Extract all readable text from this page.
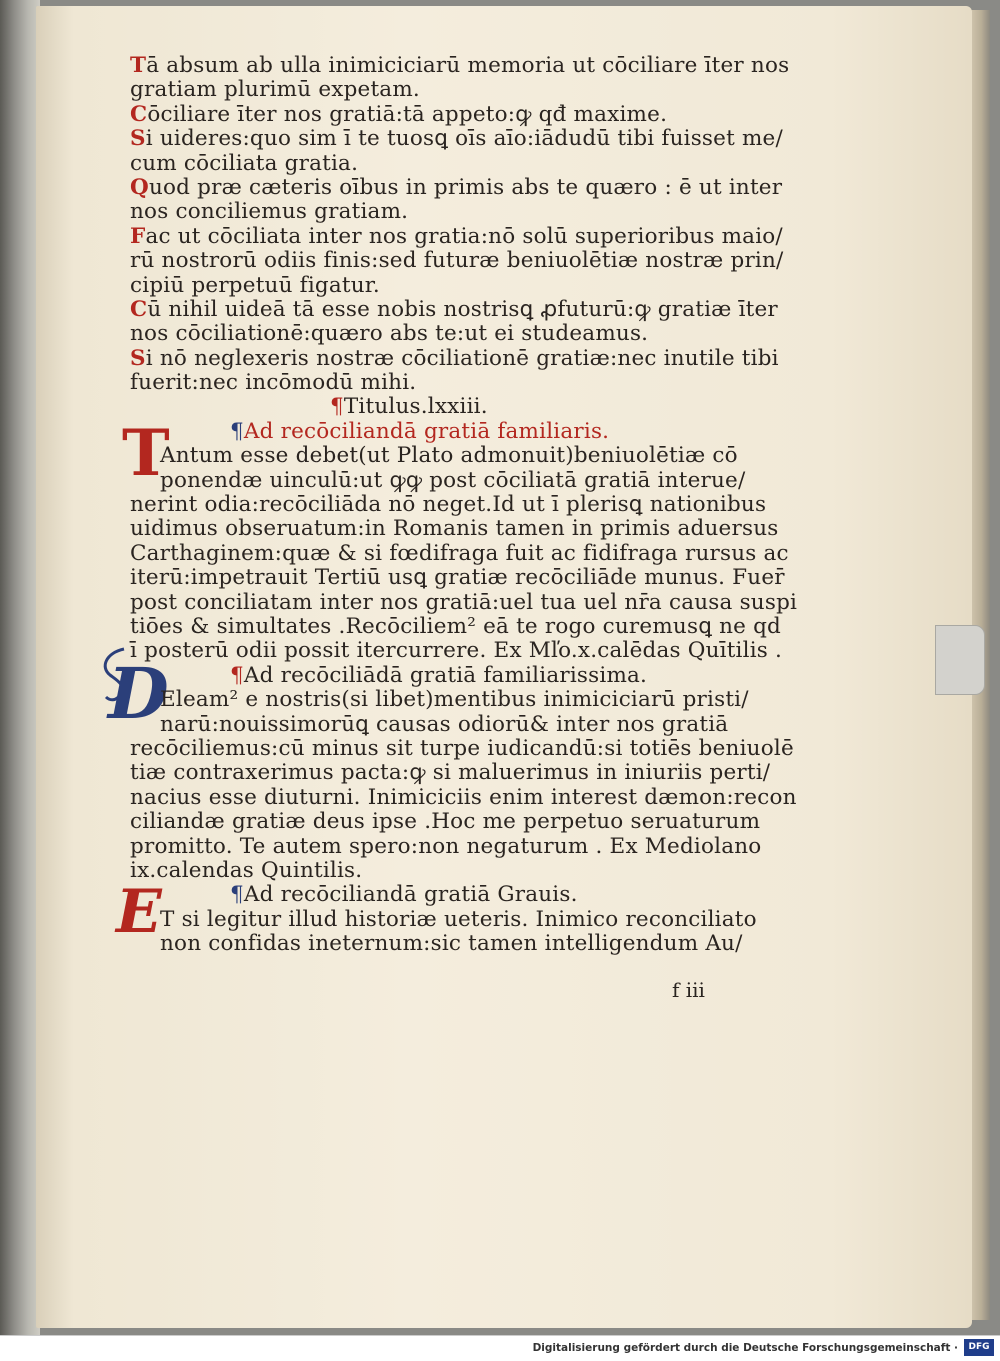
Tā absum ab ulla inimiciciarū memoria ut cōciliare īter nos
gratiam plurimū expetam.
Cōciliare īter nos gratiā:tā appeto:ꝙ qđ maxime.
Si uideres:quo sim ī te tuosꝗ oīs aīo:iādudū tibi fuisset me/
cum cōciliata gratia.
Quod præ cæteris oībus in primis abs te quæro : ē ut inter
nos conciliemus gratiam.
Fac ut cōciliata inter nos gratia:nō solū superioribus maio/
rū nostrorū odiis finis:sed futuræ beniuolētiæ nostræ prin/
cipiū perpetuū figatur.
Cū nihil uideā tā esse nobis nostrisꝗ ꝓfuturū:ꝙ gratiæ īter
nos cōciliationē:quæro abs te:ut ei studeamus.
Si nō neglexeris nostræ cōciliationē gratiæ:nec inutile tibi
fuerit:nec incōmodū mihi.
¶Titulus.lxxiii.
¶Ad recōciliandā gratiā familiaris.
T
Antum esse debet(ut Plato admonuit)beniuolētiæ cō
ponendæ uinculū:ut ꝙꝙ post cōciliatā gratiā interue/
nerint odia:recōciliāda nō neget.Id ut ī plerisꝗ nationibus
uidimus obseruatum:in Romanis tamen in primis aduersus
Carthaginem:quæ & si fœdifraga fuit ac fidifraga rursus ac
iterū:impetrauit Tertiū usꝗ gratiæ recōciliāde munus. Fuer̄
post conciliatam inter nos gratiā:uel tua uel nr̄a causa suspi
tiōes & simultates .Recōciliem² eā te rogo curemusꝗ ne qd
ī posterū odii possit itercurrere. Ex Mľo.x.calēdas Quītilis .
¶Ad recōciliādā gratiā familiarissima.
D
Eleam² e nostris(si libet)mentibus inimiciciarū pristi/
narū:nouissimorūꝗ causas odiorū& inter nos gratiā
recōciliemus:cū minus sit turpe iudicandū:si totiēs beniuolē
tiæ contraxerimus pacta:ꝙ si maluerimus in iniuriis perti/
nacius esse diuturni. Inimiciciis enim interest dæmon:recon
ciliandæ gratiæ deus ipse .Hoc me perpetuo seruaturum
promitto. Te autem spero:non negaturum . Ex Mediolano
ix.calendas Quintilis.
¶Ad recōciliandā gratiā Grauis.
E
T si legitur illud historiæ ueteris. Inimico reconciliato
non confidas ineternum:sic tamen intelligendum Au/
f iii
Digitalisierung gefördert durch die Deutsche Forschungsgemeinschaft ·	DFG
